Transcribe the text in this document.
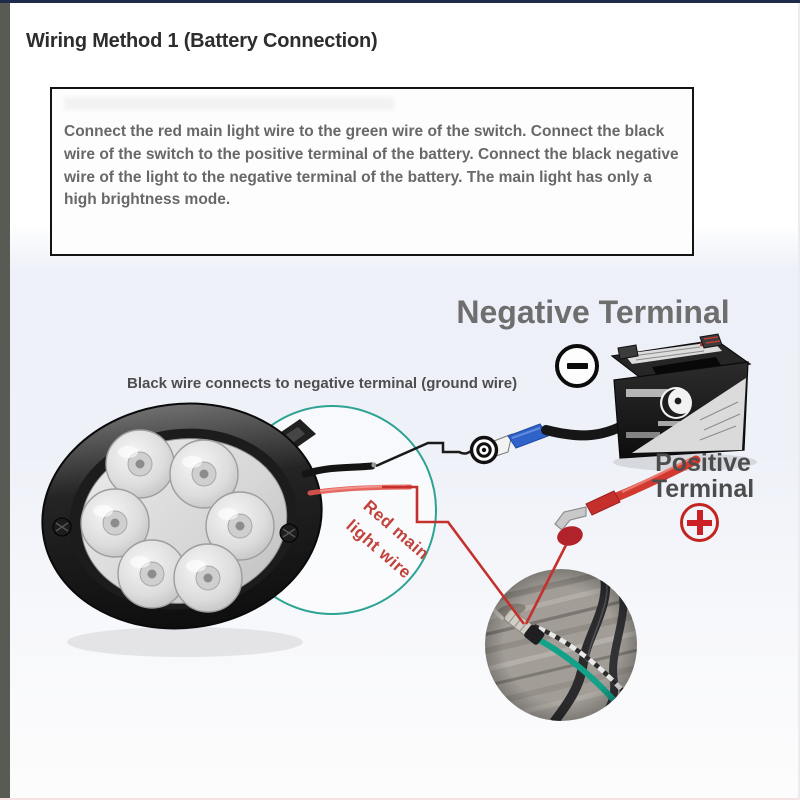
Wiring Method 1 (Battery Connection)

Connect the red main light wire to the green wire of the switch. Connect the black wire of the switch to the positive terminal of the battery. Connect the black negative wire of the light to the negative terminal of the battery. The main light has only a high brightness mode.

Negative Terminal
Black wire connects to negative terminal (ground wire)
Positive Terminal
Red main light wire
